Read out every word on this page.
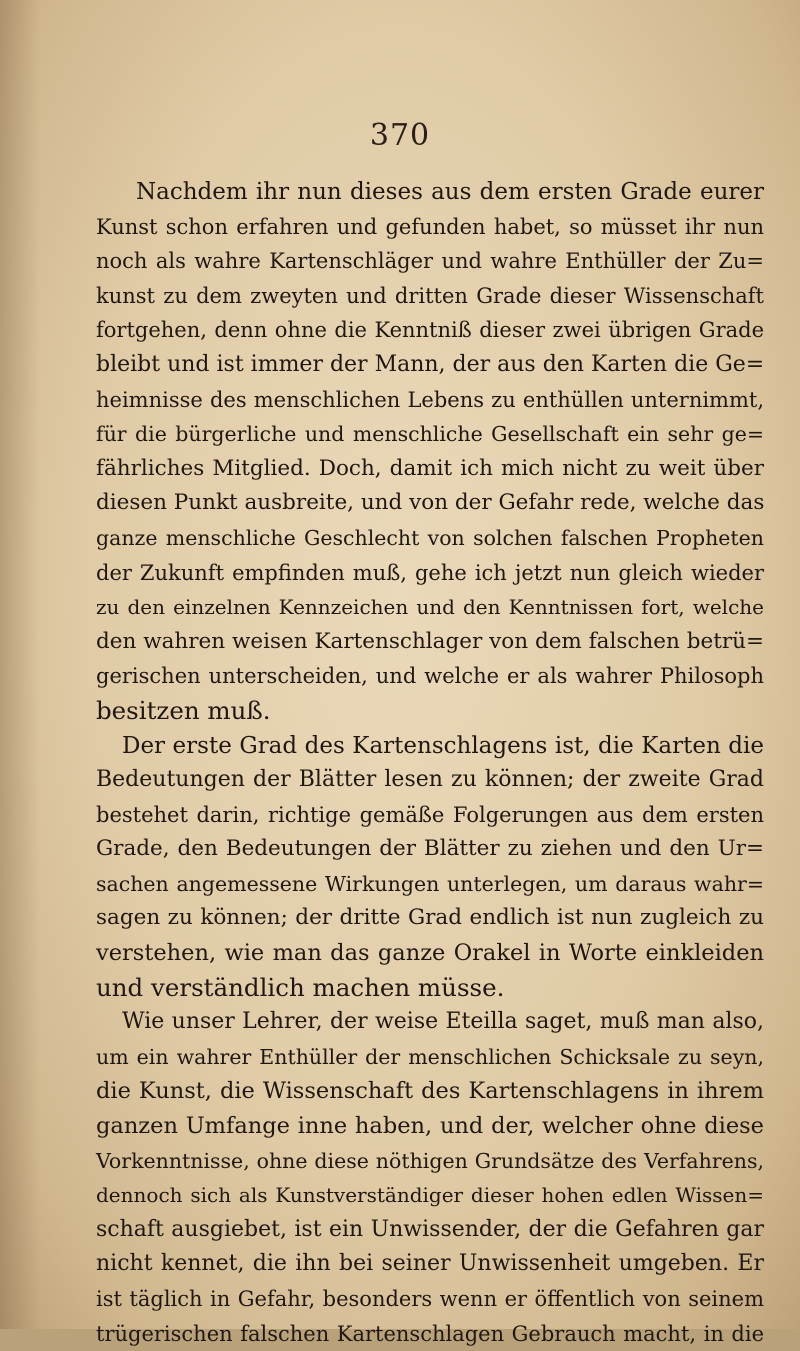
370
Nachdem ihr nun dieses aus dem ersten Grade eurer
Kunst schon erfahren und gefunden habet, so müsset ihr nun
noch als wahre Kartenschläger und wahre Enthüller der Zu=
kunst zu dem zweyten und dritten Grade dieser Wissenschaft
fortgehen, denn ohne die Kenntniß dieser zwei übrigen Grade
bleibt und ist immer der Mann, der aus den Karten die Ge=
heimnisse des menschlichen Lebens zu enthüllen unternimmt,
für die bürgerliche und menschliche Gesellschaft ein sehr ge=
fährliches Mitglied. Doch, damit ich mich nicht zu weit über
diesen Punkt ausbreite, und von der Gefahr rede, welche das
ganze menschliche Geschlecht von solchen falschen Propheten
der Zukunft empfinden muß, gehe ich jetzt nun gleich wieder
zu den einzelnen Kennzeichen und den Kenntnissen fort, welche
den wahren weisen Kartenschlager von dem falschen betrü=
gerischen unterscheiden, und welche er als wahrer Philosoph
besitzen muß.
Der erste Grad des Kartenschlagens ist, die Karten die
Bedeutungen der Blätter lesen zu können; der zweite Grad
bestehet darin, richtige gemäße Folgerungen aus dem ersten
Grade, den Bedeutungen der Blätter zu ziehen und den Ur=
sachen angemessene Wirkungen unterlegen, um daraus wahr=
sagen zu können; der dritte Grad endlich ist nun zugleich zu
verstehen, wie man das ganze Orakel in Worte einkleiden
und verständlich machen müsse.
Wie unser Lehrer, der weise Eteilla saget, muß man also,
um ein wahrer Enthüller der menschlichen Schicksale zu seyn,
die Kunst, die Wissenschaft des Kartenschlagens in ihrem
ganzen Umfange inne haben, und der, welcher ohne diese
Vorkenntnisse, ohne diese nöthigen Grundsätze des Verfahrens,
dennoch sich als Kunstverständiger dieser hohen edlen Wissen=
schaft ausgiebet, ist ein Unwissender, der die Gefahren gar
nicht kennet, die ihn bei seiner Unwissenheit umgeben. Er
ist täglich in Gefahr, besonders wenn er öffentlich von seinem
trügerischen falschen Kartenschlagen Gebrauch macht, in die
